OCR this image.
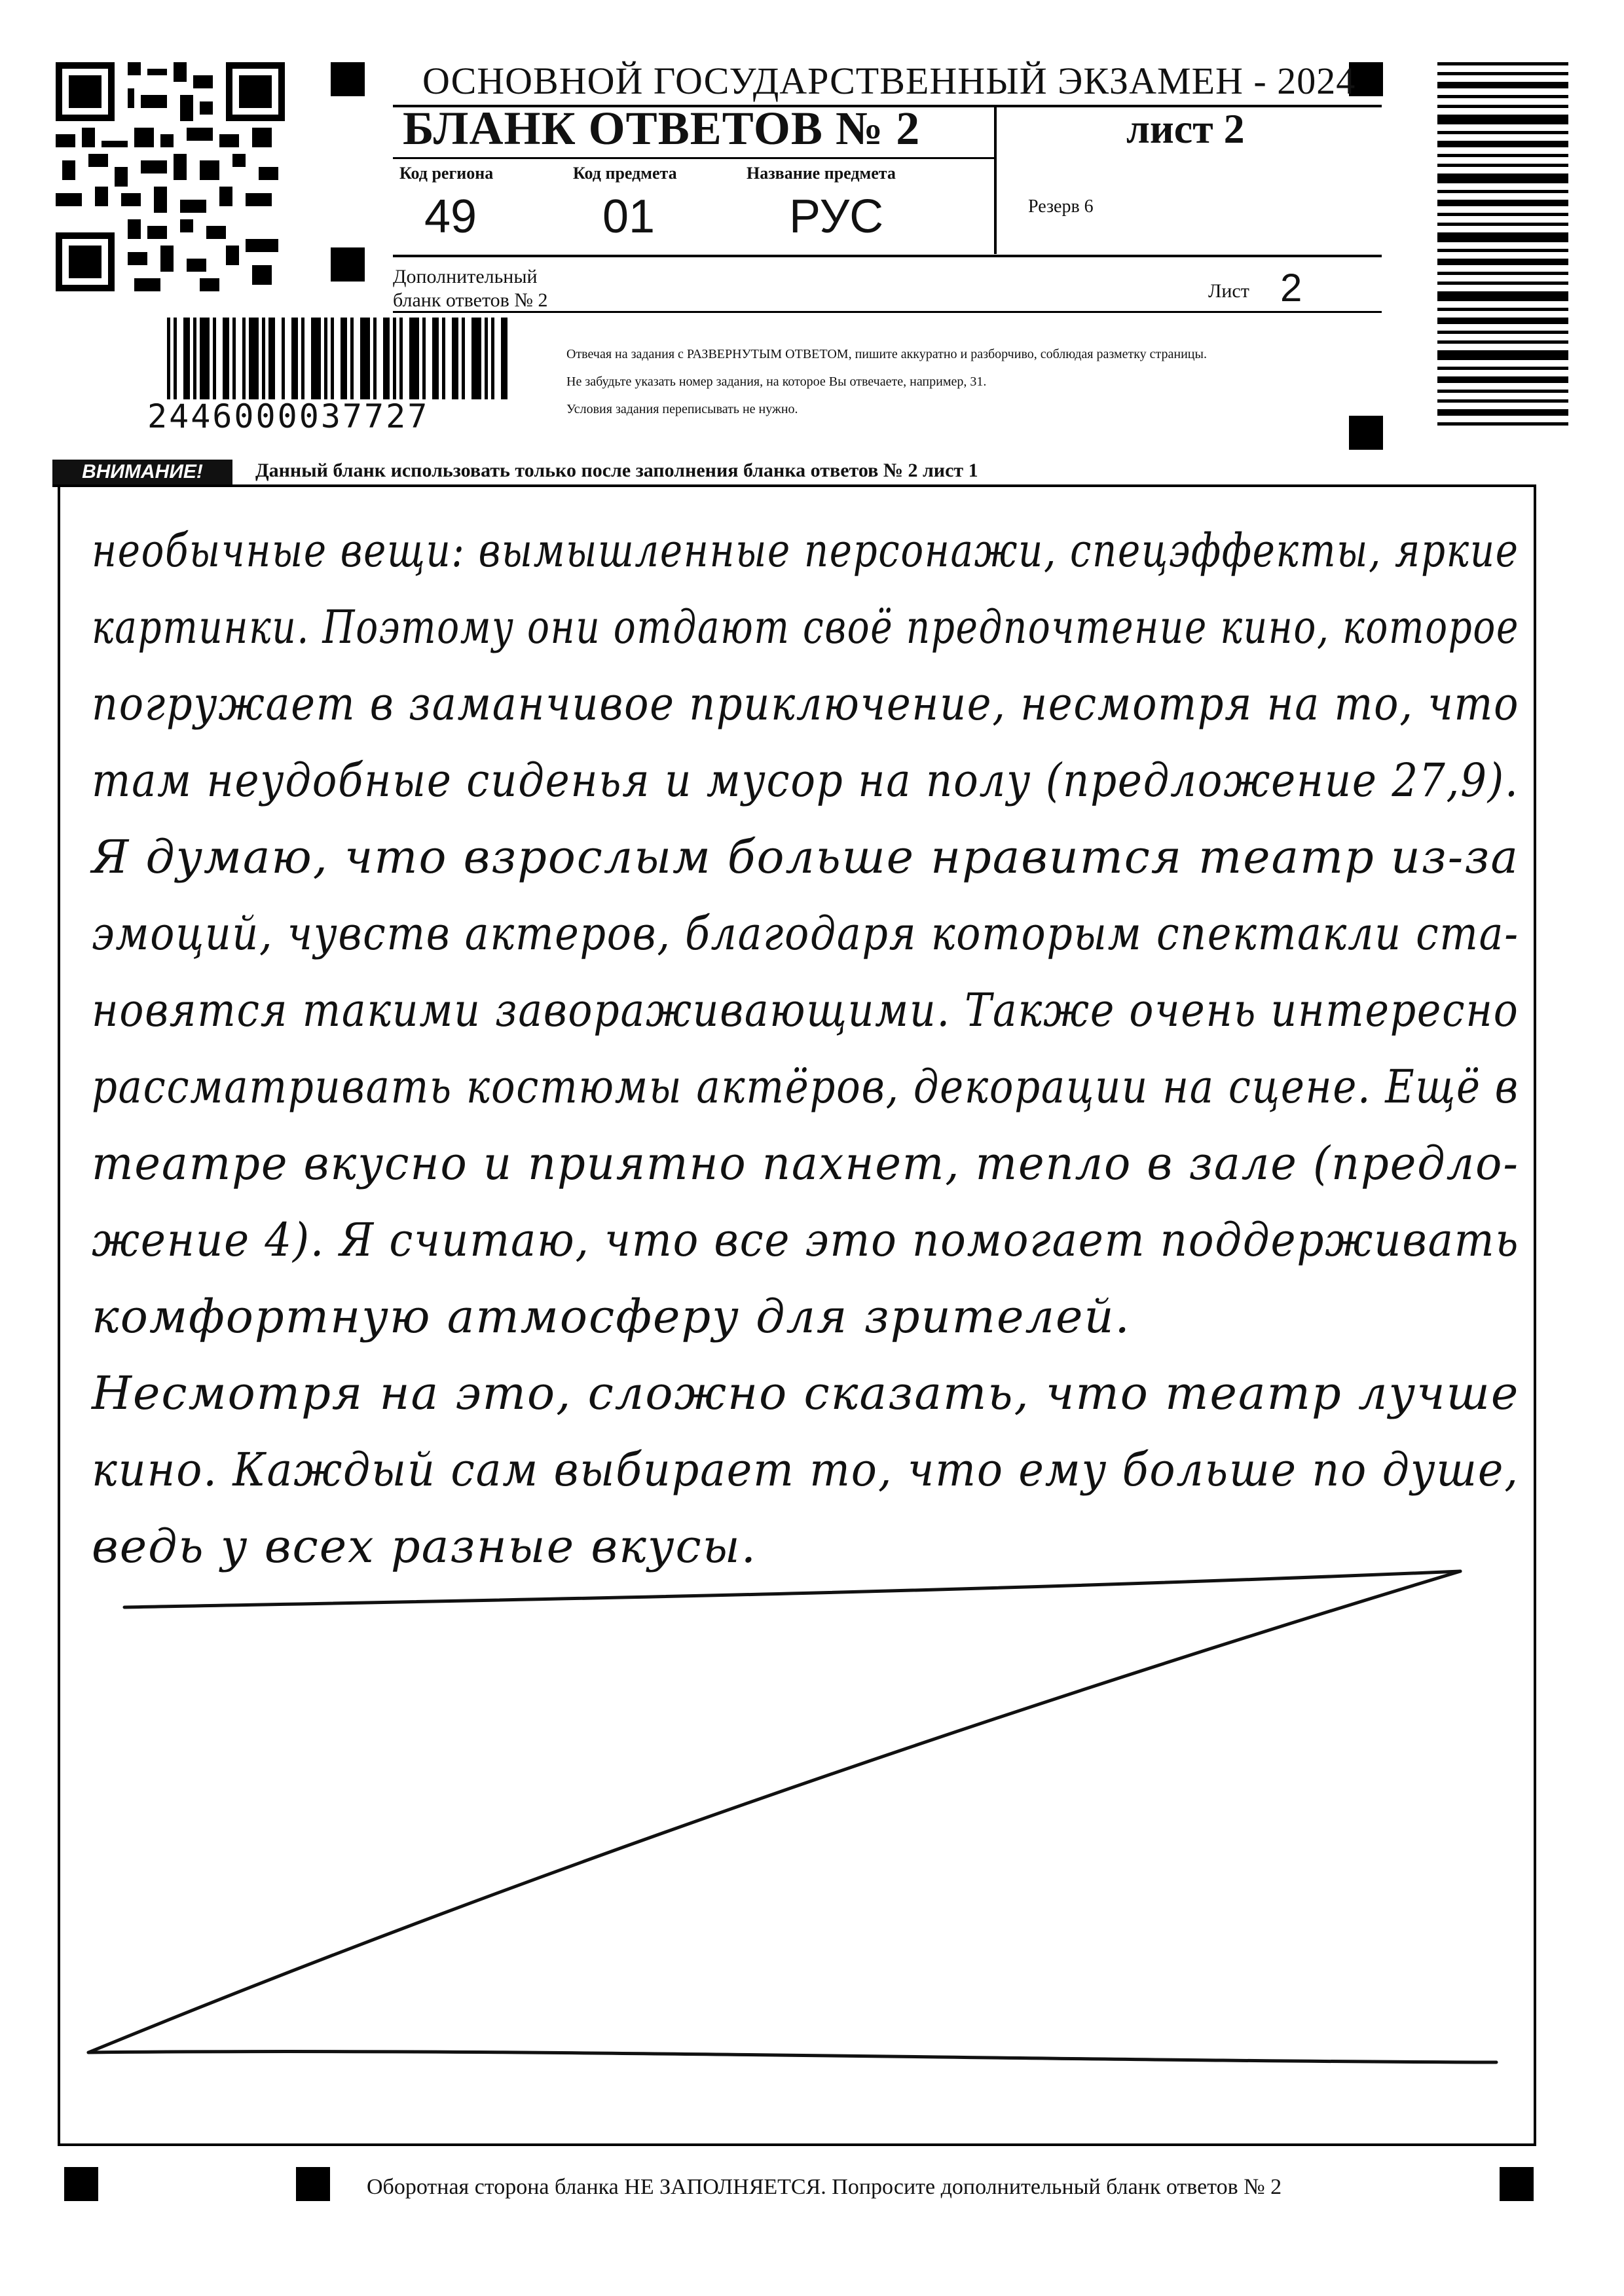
2446000037727
ОСНОВНОЙ ГОСУДАРСТВЕННЫЙ ЭКЗАМЕН - 2024
БЛАНК ОТВЕТОВ № 2	лист 2
Код региона
49
Код предмета
01
Название предмета
РУС	Резерв 6
Дополнительный
бланк ответов № 2	Лист 2
Отвечая на задания с РАЗВЕРНУТЫМ ОТВЕТОМ, пишите аккуратно и разборчиво, соблюдая разметку страницы.
Не забудьте указать номер задания, на которое Вы отвечаете, например, 31.
Условия задания переписывать не нужно.
ВНИМАНИЕ!	Данный бланк использовать только после заполнения бланка ответов № 2 лист 1
необычные вещи: вымышленные персонажи, спецэффекты, яркие
картинки. Поэтому они отдают своё предпочтение кино, которое
погружает в заманчивое приключение, несмотря на то, что
там неудобные сиденья и мусор на полу (предложение 27,9).
Я думаю, что взрослым больше нравится театр из-за
эмоций, чувств актеров, благодаря которым спектакли ста-
новятся такими завораживающими. Также очень интересно
рассматривать костюмы актёров, декорации на сцене. Ещё в
театре вкусно и приятно пахнет, тепло в зале (предло-
жение 4). Я считаю, что все это помогает поддерживать
комфортную атмосферу для зрителей.
Несмотря на это, сложно сказать, что театр лучше
кино. Каждый сам выбирает то, что ему больше по душе,
ведь у всех разные вкусы.
Оборотная сторона бланка НЕ ЗАПОЛНЯЕТСЯ. Попросите дополнительный бланк ответов № 2
